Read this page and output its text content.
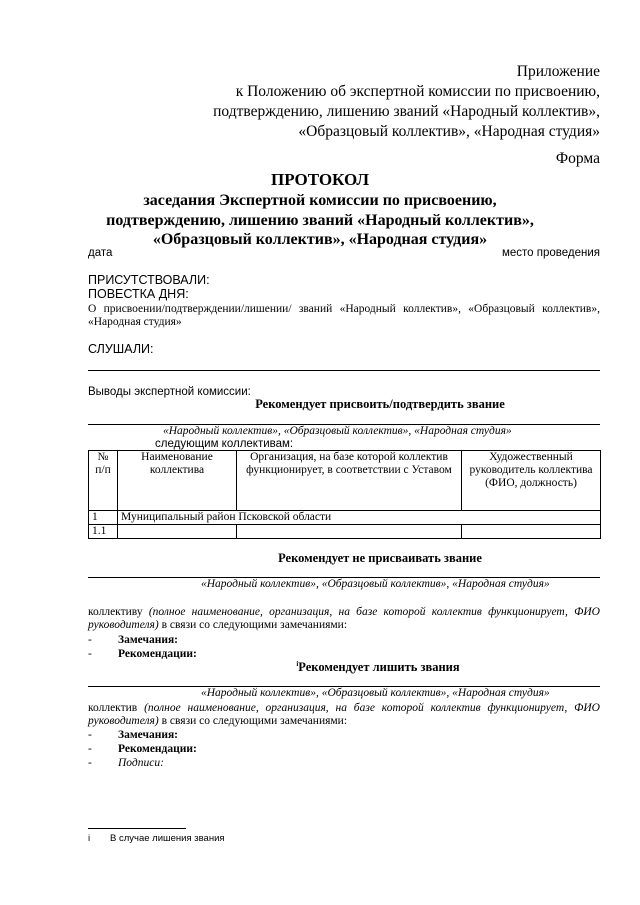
Приложение
к Положению об экспертной комиссии по присвоению,
подтверждению, лишению званий «Народный коллектив»,
«Образцовый коллектив», «Народная студия»
Форма
ПРОТОКОЛ
заседания Экспертной комиссии по присвоению, подтверждению, лишению званий «Народный коллектив», «Образцовый коллектив», «Народная студия»
дата	место проведения
ПРИСУТСТВОВАЛИ:
ПОВЕСТКА ДНЯ:
О присвоении/подтверждении/лишении/ званий «Народный коллектив», «Образцовый коллектив»,
«Народная студия»
СЛУШАЛИ:
Выводы экспертной комиссии:
Рекомендует присвоить/подтвердить звание
«Народный коллектив», «Образцовый коллектив», «Народная студия»
следующим коллективам:
№ п/п	Наименование коллектива	Организация, на базе которой коллектив функционирует, в соответствии с Уставом	Художественный руководитель коллектива (ФИО, должность)
1	Муниципальный район Псковской области		
1.1			
Рекомендует не присваивать звание
«Народный коллектив», «Образцовый коллектив», «Народная студия»
коллективу (полное наименование, организация, на базе которой коллектив функционирует, ФИО
руководителя) в связи со следующими замечаниями:
- Замечания:
- Рекомендации:
$^i$Рекомендует лишить звания
«Народный коллектив», «Образцовый коллектив», «Народная студия»
коллектив (полное наименование, организация, на базе которой коллектив функционирует, ФИО
руководителя) в связи со следующими замечаниями:
- Замечания:
- Рекомендации:
- Подписи:
i В случае лишения звания
